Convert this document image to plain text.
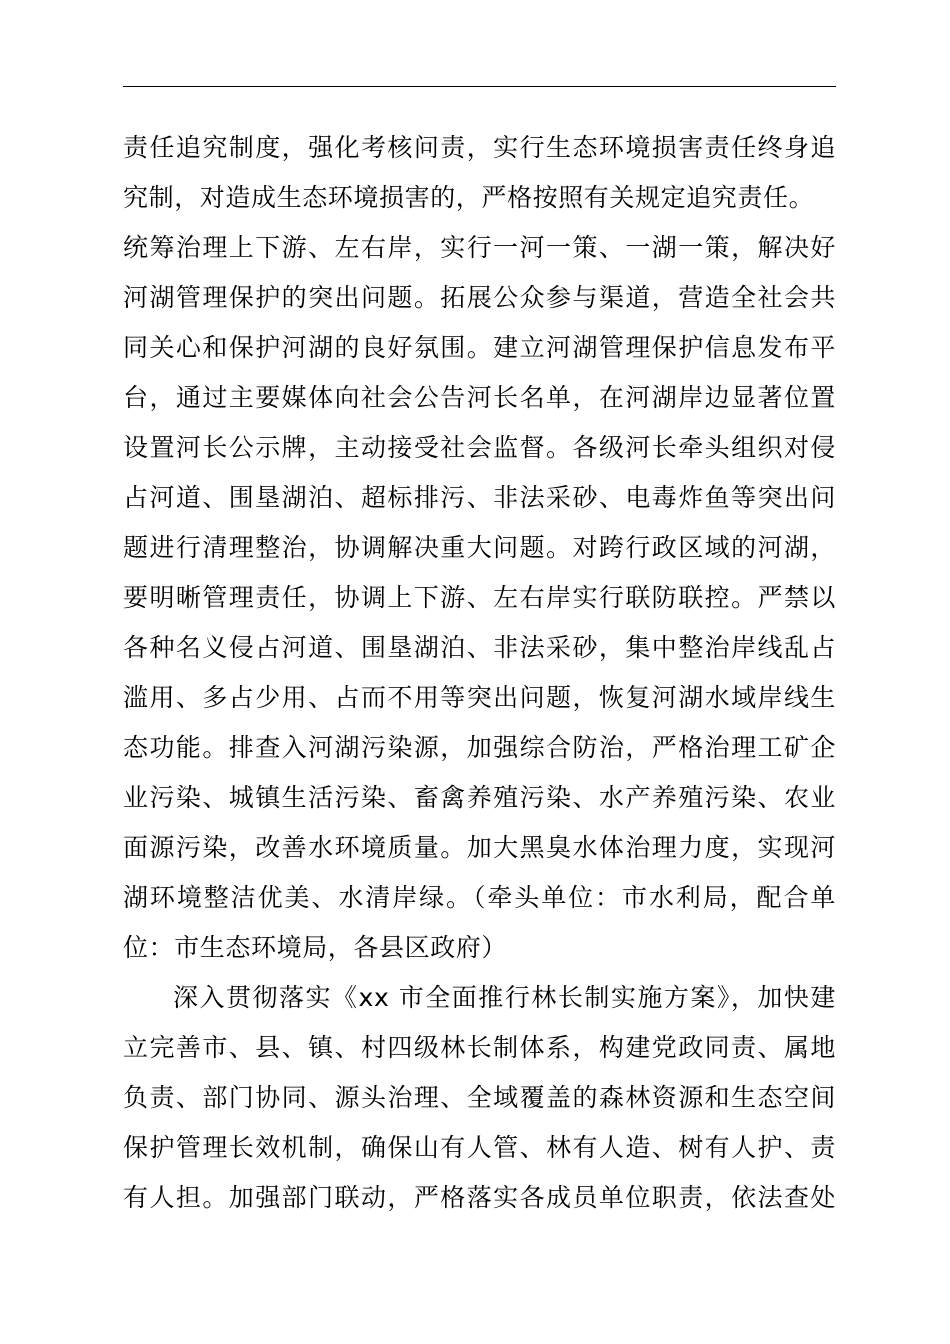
责任追究制度，强化考核问责，实行生态环境损害责任终身追
究制，对造成生态环境损害的，严格按照有关规定追究责任。
统筹治理上下游、左右岸，实行一河一策、一湖一策，解决好
河湖管理保护的突出问题。拓展公众参与渠道，营造全社会共
同关心和保护河湖的良好氛围。建立河湖管理保护信息发布平
台，通过主要媒体向社会公告河长名单，在河湖岸边显著位置
设置河长公示牌，主动接受社会监督。各级河长牵头组织对侵
占河道、围垦湖泊、超标排污、非法采砂、电毒炸鱼等突出问
题进行清理整治，协调解决重大问题。对跨行政区域的河湖，
要明晰管理责任，协调上下游、左右岸实行联防联控。严禁以
各种名义侵占河道、围垦湖泊、非法采砂，集中整治岸线乱占
滥用、多占少用、占而不用等突出问题，恢复河湖水域岸线生
态功能。排查入河湖污染源，加强综合防治，严格治理工矿企
业污染、城镇生活污染、畜禽养殖污染、水产养殖污染、农业
面源污染，改善水环境质量。加大黑臭水体治理力度，实现河
湖环境整洁优美、水清岸绿。（牵头单位：市水利局，配合单
位：市生态环境局，各县区政府）
深入贯彻落实《xx 市全面推行林长制实施方案》，加快建
立完善市、县、镇、村四级林长制体系，构建党政同责、属地
负责、部门协同、源头治理、全域覆盖的森林资源和生态空间
保护管理长效机制，确保山有人管、林有人造、树有人护、责
有人担。加强部门联动，严格落实各成员单位职责，依法查处
